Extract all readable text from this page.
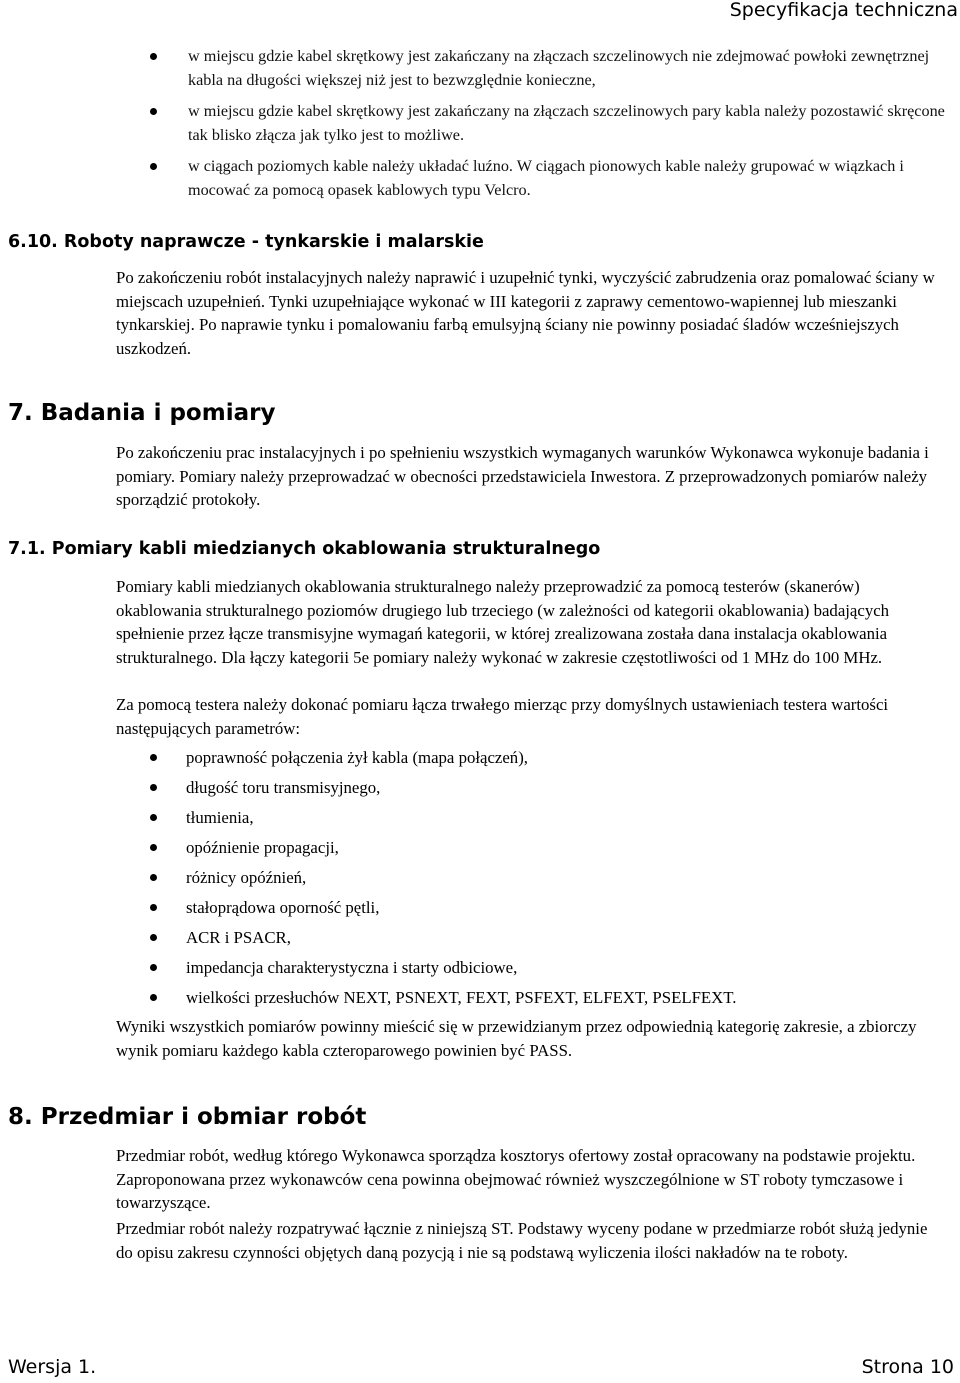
Specyfikacja techniczna
w miejscu gdzie kabel skrętkowy jest zakańczany na złączach szczelinowych nie zdejmować powłoki zewnętrznej kabla na długości większej niż jest to bezwzględnie konieczne,
w miejscu gdzie kabel skrętkowy jest zakańczany na złączach szczelinowych pary kabla należy pozostawić skręcone tak blisko złącza jak tylko jest to możliwe.
w ciągach poziomych kable należy układać luźno. W ciągach pionowych kable należy grupować w wiązkach i mocować za pomocą opasek kablowych typu Velcro.
6.10. Roboty naprawcze - tynkarskie i malarskie

Po zakończeniu robót instalacyjnych należy naprawić i uzupełnić tynki, wyczyścić zabrudzenia oraz pomalować ściany w miejscach uzupełnień. Tynki uzupełniające wykonać w III kategorii z zaprawy cementowo-wapiennej lub mieszanki tynkarskiej. Po naprawie tynku i pomalowaniu farbą emulsyjną ściany nie powinny posiadać śladów wcześniejszych uszkodzeń.

7. Badania i pomiary

Po zakończeniu prac instalacyjnych i po spełnieniu wszystkich wymaganych warunków Wykonawca wykonuje badania i pomiary. Pomiary należy przeprowadzać w obecności przedstawiciela Inwestora. Z przeprowadzonych pomiarów należy sporządzić protokoły.

7.1. Pomiary kabli miedzianych okablowania strukturalnego

Pomiary kabli miedzianych okablowania strukturalnego należy przeprowadzić za pomocą testerów (skanerów) okablowania strukturalnego poziomów drugiego lub trzeciego (w zależności od kategorii okablowania) badających spełnienie przez łącze transmisyjne wymagań kategorii, w której zrealizowana została dana instalacja okablowania strukturalnego. Dla łączy kategorii 5e pomiary należy wykonać w zakresie częstotliwości od 1 MHz do 100 MHz.

Za pomocą testera należy dokonać pomiaru łącza trwałego mierząc przy domyślnych ustawieniach testera wartości następujących parametrów:

poprawność połączenia żył kabla (mapa połączeń),
długość toru transmisyjnego,
tłumienia,
opóźnienie propagacji,
różnicy opóźnień,
stałoprądowa oporność pętli,
ACR i PSACR,
impedancja charakterystyczna i starty odbiciowe,
wielkości przesłuchów NEXT, PSNEXT, FEXT, PSFEXT, ELFEXT, PSELFEXT.

Wyniki wszystkich pomiarów powinny mieścić się w przewidzianym przez odpowiednią kategorię zakresie, a zbiorczy wynik pomiaru każdego kabla czteroparowego powinien być PASS.

8. Przedmiar i obmiar robót

Przedmiar robót, według którego Wykonawca sporządza kosztorys ofertowy został opracowany na podstawie projektu. Zaproponowana przez wykonawców cena powinna obejmować również wyszczególnione w ST roboty tymczasowe i towarzyszące.

Przedmiar robót należy rozpatrywać łącznie z niniejszą ST. Podstawy wyceny podane w przedmiarze robót służą jedynie do opisu zakresu czynności objętych daną pozycją i nie są podstawą wyliczenia ilości nakładów na te roboty.

Wersja 1.	Strona 10
